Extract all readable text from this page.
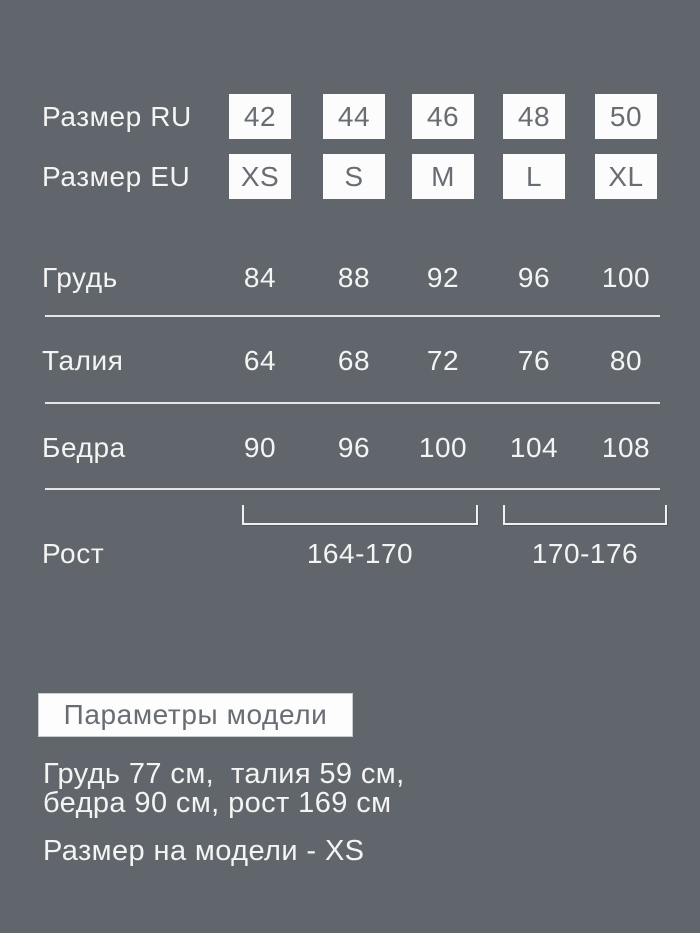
Размер RU	42	44	46	48	50
Размер EU	XS	S	M	L	XL
Грудь	84	88	92	96	100
Талия	64	68	72	76	80
Бедра	90	96	100	104	108
Рост	164-170	170-176
Параметры модели
Грудь 77 см,  талия 59 см,
бедра 90 см, рост 169 см
Размер на модели - XS
